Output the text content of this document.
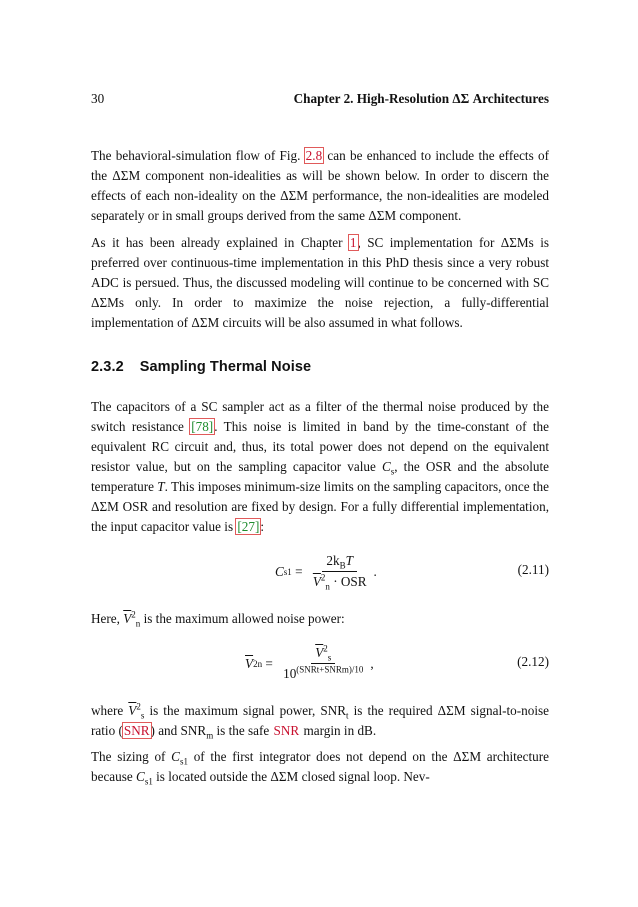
30	Chapter 2. High-Resolution ΔΣ Architectures

The behavioral-simulation flow of Fig. 2.8 can be enhanced to include the effects of the ΔΣM component non-idealities as will be shown below. In order to discern the effects of each non-ideality on the ΔΣM performance, the non-idealities are modeled separately or in small groups derived from the same ΔΣM component.

As it has been already explained in Chapter 1, SC implementation for ΔΣMs is preferred over continuous-time implementation in this PhD thesis since a very robust ADC is persued. Thus, the discussed modeling will continue to be concerned with SC ΔΣMs only. In order to maximize the noise rejection, a fully-differential implementation of ΔΣM circuits will be also assumed in what follows.

2.3.2 Sampling Thermal Noise

The capacitors of a SC sampler act as a filter of the thermal noise produced by the switch resistance [78]. This noise is limited in band by the time-constant of the equivalent RC circuit and, thus, its total power does not depend on the equivalent resistor value, but on the sampling capacitor value $C_s$, the OSR and the absolute temperature T. This imposes minimum-size limits on the sampling capacitors, once the ΔΣM OSR and resolution are fixed by design. For a fully differential implementation, the input capacitor value is [27]:

C $s1 = \frac{2k_BT}{\overline{V}^2_n \cdot OSR}$ .	(2.11)

Here, $\overline{V}^2_n$ is the maximum allowed noise power:

$\overline{V}$ 2 $n = \frac{\overline{V}^2_s}{10^{(SNRt+SNRm)/10}}$ ,	(2.12)

where $\overline{V}^2_s$ is the maximum signal power, $SNR_t$ is the required ΔΣM signal-to-noise ratio (SNR) and $SNR_m$ is the safe SNR margin in dB.

The sizing of $C_{s1}$ of the first integrator does not depend on the ΔΣM architecture because $C_{s1}$ is located outside the ΔΣM closed signal loop. Nev-
